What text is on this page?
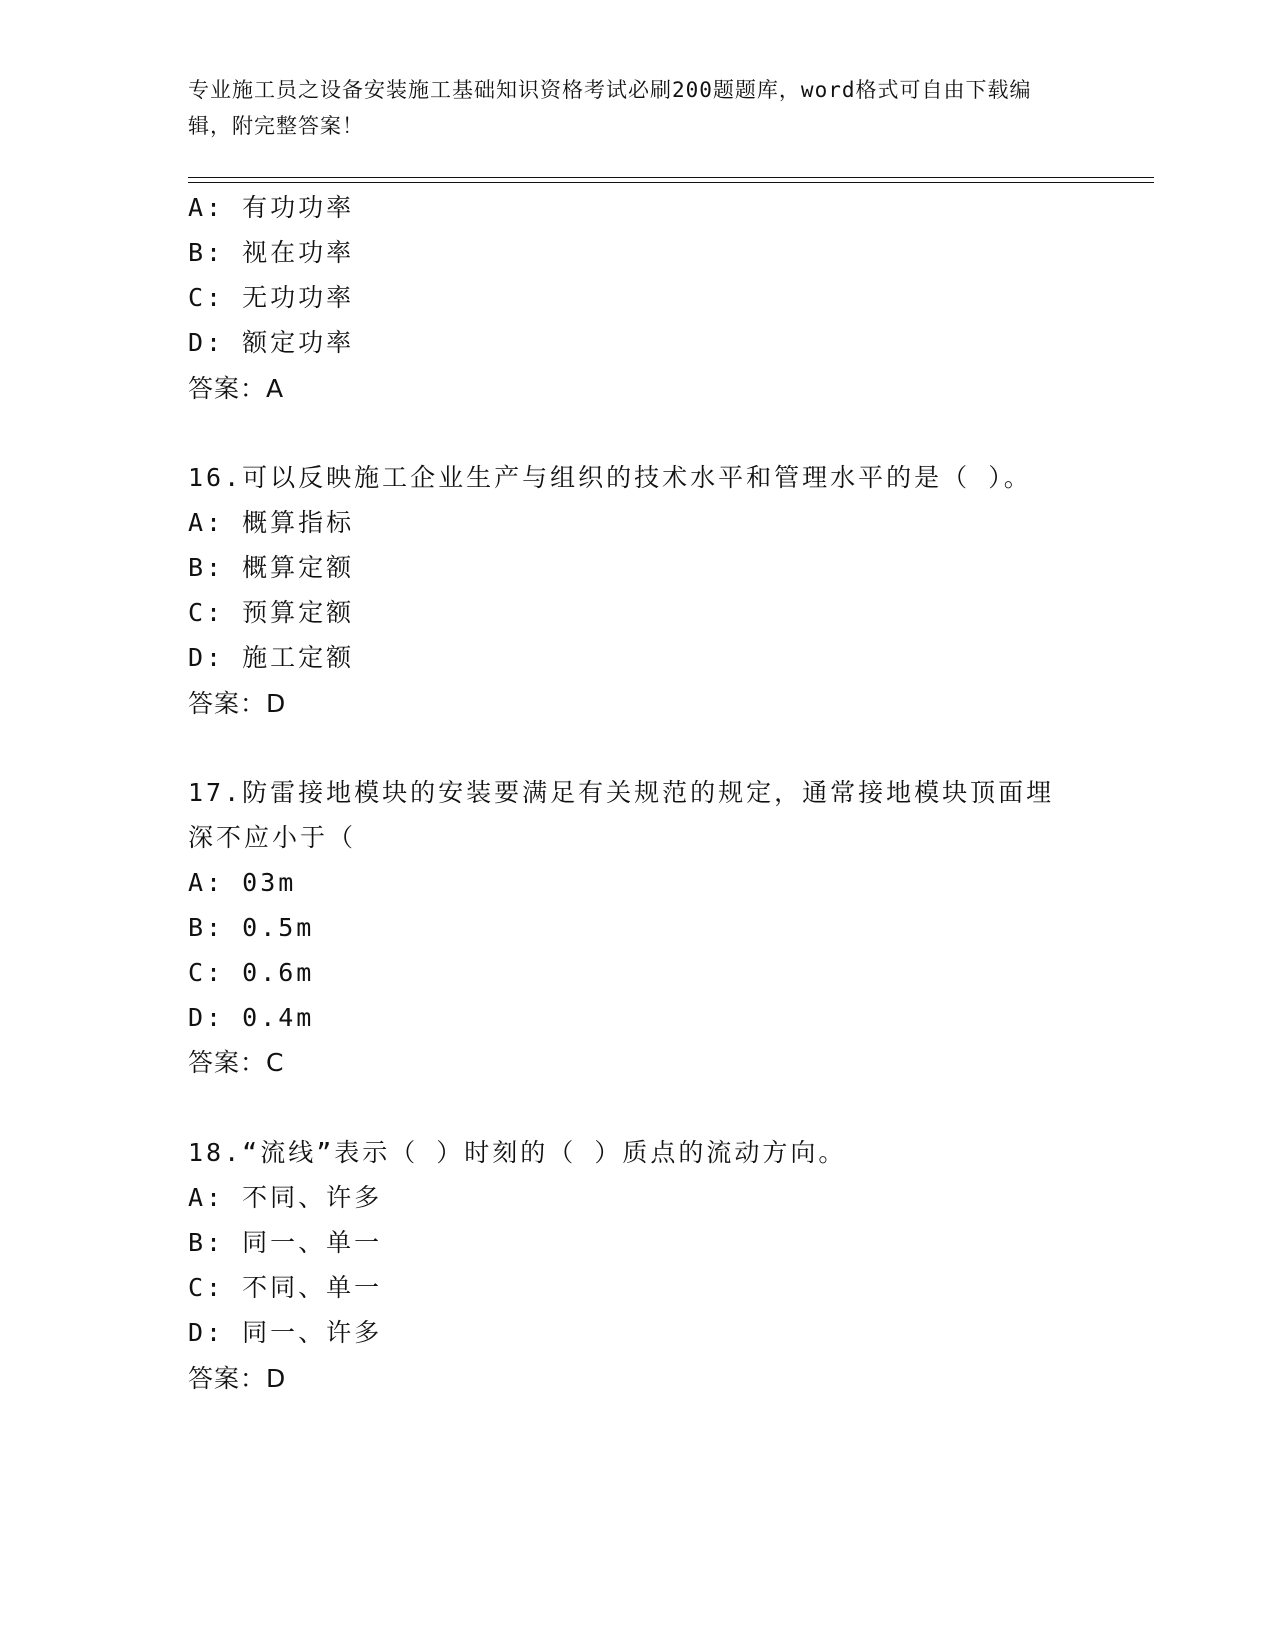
专业施工员之设备安装施工基础知识资格考试必刷200题题库，word格式可自由下载编辑，附完整答案！
A: 有功功率
B: 视在功率
C: 无功功率
D: 额定功率
答案：A
16.可以反映施工企业生产与组织的技术水平和管理水平的是（ ）。
A: 概算指标
B: 概算定额
C: 预算定额
D: 施工定额
答案：D
17.防雷接地模块的安装要满足有关规范的规定，通常接地模块顶面埋
深不应小于（
A: 03m
B: 0.5m
C: 0.6m
D: 0.4m
答案：C
18.“流线”表示（ ）时刻的（ ）质点的流动方向。
A: 不同、许多
B: 同一、单一
C: 不同、单一
D: 同一、许多
答案：D
